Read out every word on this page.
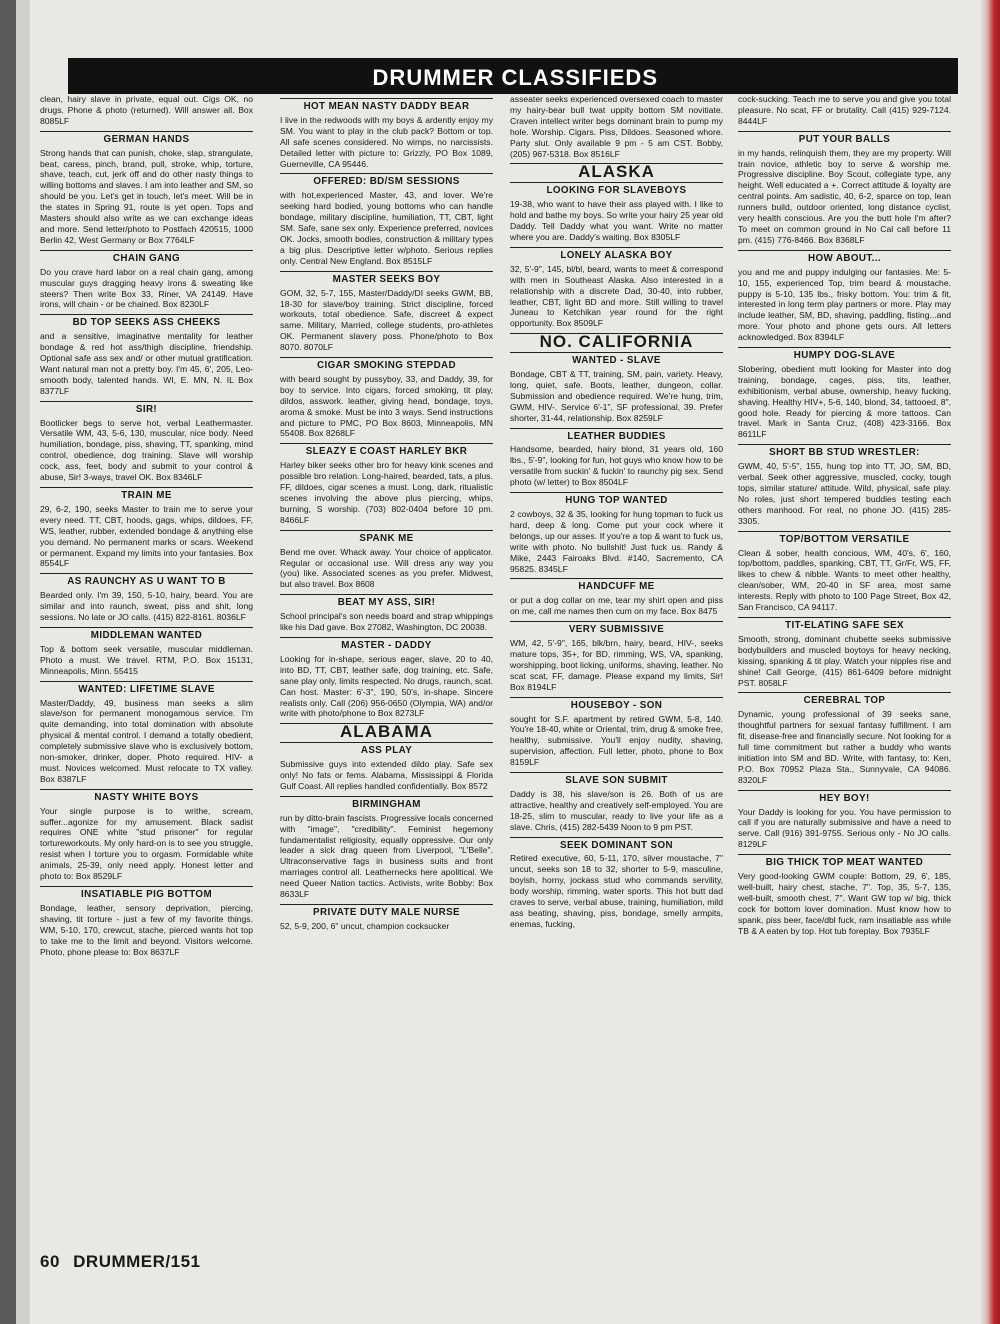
DRUMMER CLASSIFIEDS

clean, hairy slave in private, equal out. Cigs OK, no drugs. Phone & photo (returned). Will answer all. Box 8085LF

GERMAN HANDS

Strong hands that can punish, choke, slap, strangulate, beat, caress, pinch, brand, pull, stroke, whip, torture, shave, teach, cut, jerk off and do other nasty things to willing bottoms and slaves. I am into leather and SM, so should be you. Let's get in touch, let's meet. Will be in the states in Spring 91, route is yet open. Tops and Masters should also write as we can exchange ideas and more. Send letter/photo to Postfach 420515, 1000 Berlin 42, West Germany or Box 7764LF

CHAIN GANG

Do you crave hard labor on a real chain gang, among muscular guys dragging heavy irons & sweating like steers? Then write Box 33, Riner, VA 24149. Have irons, will chain - or be chained. Box 8230LF

BD TOP SEEKS ASS CHEEKS

and a sensitive, imaginative mentality for leather bondage & red hot ass/thigh discipline, friendship. Optional safe ass sex and/ or other mutual gratification. Want natural man not a pretty boy. I'm 45, 6', 205, Leo-smooth body, talented hands. WI, E. MN, N. IL Box 8377LF

SIR!

Bootlicker begs to serve hot, verbal Leathermaster. Versatile WM, 43, 5-6, 130, muscular, nice body. Need humiliation, bondage, piss, shaving, TT, spanking, mind control, obedience, dog training. Slave will worship cock, ass, feet, body and submit to your control & abuse, Sir! 3-ways, travel OK. Box 8346LF

TRAIN ME

29, 6-2, 190, seeks Master to train me to serve your every need. TT, CBT, hoods, gags, whips, dildoes, FF, WS, leather, rubber, extended bondage & anything else you demand. No permanent marks or scars. Weekend or permanent. Expand my limits into your fantasies. Box 8554LF

AS RAUNCHY AS U WANT TO B

Bearded only. I'm 39, 150, 5-10, hairy, beard. You are similar and into raunch, sweat, piss and shit, long sessions. No late or JO calls. (415) 822-8161. 8036LF

MIDDLEMAN WANTED

Top & bottom seek versatile, muscular middleman. Photo a must. We travel. RTM, P.O. Box 15131, Minneapolis, Minn. 55415

WANTED: LIFETIME SLAVE

Master/Daddy, 49, business man seeks a slim slave/son for permanent monogamous service. I'm quite demanding, into total domination with absolute physical & mental control. I demand a totally obedient, completely submissive slave who is exclusively bottom, non-smoker, drinker, doper. Photo required. HIV- a must. Novices welcomed. Must relocate to TX valley. Box 8387LF

NASTY WHITE BOYS

Your single purpose is to writhe, scream, suffer...agonize for my amusement. Black sadist requires ONE white "stud prisoner" for regular tortureworkouts. My only hard-on is to see you struggle, resist when I torture you to orgasm. Formidable white animals, 25-39, only need apply. Honest letter and photo to: Box 8529LF

INSATIABLE PIG BOTTOM

Bondage, leather, sensory deprivation, piercing, shaving, tit torture - just a few of my favorite things. WM, 5-10, 170, crewcut, stache, pierced wants hot top to take me to the limit and beyond. Visitors welcome. Photo, phone please to: Box 8637LF

HOT MEAN NASTY DADDY BEAR

I live in the redwoods with my boys & ardently enjoy my SM. You want to play in the club pack? Bottom or top. All safe scenes considered. No wimps, no narcissists. Detailed letter with picture to: Grizzly, PO Box 1089, Guerneville, CA 95446.

OFFERED: BD/SM SESSIONS

with hot,experienced Master, 43, and lover. We're seeking hard bodied, young bottoms who can handle bondage, military discipline, humiliation, TT, CBT, light SM. Safe, sane sex only. Experience preferred, novices OK. Jocks, smooth bodies, construction & military types a big plus. Descriptive letter w/photo. Serious replies only. Central New England. Box 8515LF

MASTER SEEKS BOY

GOM, 32, 5-7, 155, Master/Daddy/DI seeks GWM, BB, 18-30 for slave/boy training. Strict discipline, forced workouts, total obedience. Safe, discreet & expect same. Military, Married, college students, pro-athletes OK. Permanent slavery poss. Phone/photo to Box 8070. 8070LF

CIGAR SMOKING STEPDAD

with beard sought by pussyboy, 33, and Daddy, 39, for boy to service. Into cigars, forced smoking, tit play, dildos, asswork. leather, giving head, bondage, toys, aroma & smoke. Must be into 3 ways. Send instructions and picture to PMC, PO Box 8603, Minneapolis, MN 55408. Box 8268LF

SLEAZY E COAST HARLEY BKR

Harley biker seeks other bro for heavy kink scenes and possible bro relation. Long-haired, bearded, tats, a plus. FF, dildoes, cigar scenes a must. Long, dark, ritualistic scenes involving the above plus piercing, whips, burning, S worship. (703) 802-0404 before 10 pm. 8466LF

SPANK ME

Bend me over. Whack away. Your choice of applicator. Regular or occasional use. Will dress any way you (you) like. Associated scenes as you prefer. Midwest, but also travel. Box 8608

BEAT MY ASS, SIR!

School principal's son needs board and strap whippings like his Dad gave. Box 27082, Washington, DC 20038.

MASTER - DADDY

Looking for in-shape, serious eager, slave, 20 to 40, into BD, TT, CBT, leather safe, dog training, etc. Safe, sane play only, limits respected. No drugs, raunch, scat. Can host. Master: 6'-3", 190, 50's, in-shape. Sincere realists only. Call (206) 956-0650 (Olympia, WA) and/or write with photo/phone to Box 8273LF

ALABAMA
ASS PLAY

Submissive guys into extended dildo play. Safe sex only! No fats or fems. Alabama, Mississippi & Florida Gulf Coast. All replies handled confidentially. Box 8572

BIRMINGHAM

run by ditto-brain fascists. Progressive locals concerned with "image", "credibility". Feminist hegemony fundamentalist religiosity, equally oppressive. Our only leader a sick drag queen from Liverpool, "L'Belle". Ultraconservative fags in business suits and front marriages control all. Leathernecks here apolitical. We need Queer Nation tactics. Activists, write Bobby: Box 8633LF

PRIVATE DUTY MALE NURSE

52, 5-9, 200, 6" uncut, champion cocksucker

asseater seeks experienced oversexed coach to master my hairy-bear bull twat uppity bottom SM novitiate. Craven intellect writer begs dominant brain to pump my hole. Worship. Cigars. Piss, Dildoes. Seasoned whore. Party slut. Only available 9 pm - 5 am CST. Bobby, (205) 967-5318. Box 8516LF

ALASKA
LOOKING FOR SLAVEBOYS

19-38, who want to have their ass played with. I like to hold and bathe my boys. So write your hairy 25 year old Daddy. Tell Daddy what you want. Write no matter where you are. Daddy's waiting. Box 8305LF

LONELY ALASKA BOY

32, 5'-9", 145, bl/bl, beard, wants to meet & correspond with men in Southeast Alaska. Also interested in a relationship with a discrete Dad, 30-40, into rubber, leather, CBT, light BD and more. Still willing to travel Juneau to Ketchikan year round for the right opportunity. Box 8509LF

NO. CALIFORNIA
WANTED - SLAVE

Bondage, CBT & TT, training, SM, pain, variety. Heavy, long, quiet, safe. Boots, leather, dungeon, collar. Submission and obedience required. We're hung, trim, GWM, HIV-. Service 6'-1", SF professional, 39. Prefer shorter, 31-44, relationship. Box 8259LF

LEATHER BUDDIES

Handsome, bearded, hairy blond, 31 years old, 160 lbs., 5'-9", looking for fun, hot guys who know how to be versatile from suckin' & fuckin' to raunchy pig sex. Send photo (w/ letter) to Box 8504LF

HUNG TOP WANTED

2 cowboys, 32 & 35, looking for hung topman to fuck us hard, deep & long. Come put your cock where it belongs, up our asses. If you're a top & want to fuck us, write with photo. No bullshit! Just fuck us. Randy & Mike, 2443 Fairoaks Blvd. #140, Sacremento, CA 95825. 8345LF

HANDCUFF ME

or put a dog collar on me, tear my shirt open and piss on me, call me names then cum on my face. Box 8475

VERY SUBMISSIVE

WM, 42, 5'-9", 165, blk/brn, hairy, beard, HIV-, seeks mature tops, 35+, for BD, rimming, WS, VA, spanking, worshipping, boot licking, uniforms, shaving, leather. No scat scat, FF, damage. Please expand my limits, Sir! Box 8194LF

HOUSEBOY - SON

sought for S.F. apartment by retired GWM, 5-8, 140. You're 18-40, white or Oriental, trim, drug & smoke free, healthy, submissive. You'll enjoy nudity, shaving, supervision, affection. Full letter, photo, phone to Box 8159LF

SLAVE SON SUBMIT

Daddy is 38, his slave/son is 26. Both of us are attractive, healthy and creatively self-employed. You are 18-25, slim to muscular, ready to live your life as a slave. Chris, (415) 282-5439 Noon to 9 pm PST.

SEEK DOMINANT SON

Retired executive, 60, 5-11, 170, silver moustache, 7" uncut, seeks son 18 to 32, shorter to 5-9, masculine, boyish, horny, jockass stud who commands servility, body worship, rimming, water sports. This hot butt dad craves to serve, verbal abuse, training, humiliation, mild ass beating, shaving, piss, bondage, smelly armpits, enemas, fucking,

cock-sucking. Teach me to serve you and give you total pleasure. No scat, FF or brutality. Call (415) 929-7124. 8444LF

PUT YOUR BALLS

in my hands, relinquish them, they are my property. Will train novice, athletic boy to serve & worship me. Progressive discipline. Boy Scout, collegiate type, any height. Well educated a +. Correct attitude & loyalty are central points. Am sadistic, 40, 6-2, sparce on top, lean runners build, outdoor oriented, long distance cyclist, very health conscious. Are you the butt hole I'm after? To meet on common ground in No Cal call before 11 pm. (415) 776-8466. Box 8368LF

HOW ABOUT...

you and me and puppy indulging our fantasies. Me: 5-10, 155, experienced Top, trim beard & moustache. puppy is 5-10, 135 lbs., frisky bottom. You: trim & fit, interested in long term play partners or more. Play may include leather, SM, BD, shaving, paddling, fisting...and more. Your photo and phone gets ours. All letters acknowledged. Box 8394LF

HUMPY DOG-SLAVE

Slobering, obedient mutt looking for Master into dog training, bondage, cages, piss, tits, leather, exhibitionism, verbal abuse, ownership, heavy fucking, shaving. Healthy HIV+, 5-6, 140, blond, 34, tattooed, 8", good hole. Ready for piercing & more tattoos. Can travel. Mark in Santa Cruz, (408) 423-3166. Box 8611LF

SHORT BB STUD WRESTLER:

GWM, 40, 5'-5", 155, hung top into TT, JO, SM, BD, verbal. Seek other aggressive, muscled, cocky, tough tops, similar stature/ attitude. Wild, physical, safe play. No roles, just short tempered buddies testing each others manhood. For real, no phone JO. (415) 285-3305.

TOP/BOTTOM VERSATILE

Clean & sober, health concious, WM, 40's, 6', 160, top/bottom, paddles, spanking, CBT, TT, Gr/Fr, WS, FF, likes to chew & nibble. Wants to meet other healthy, clean/sober, WM, 20-40 in SF area, most same interests. Reply with photo to 100 Page Street, Box 42, San Francisco, CA 94117.

TIT-ELATING SAFE SEX

Smooth, strong, dominant chubette seeks submissive bodybuilders and muscled boytoys for heavy necking, kissing, spanking & tit play. Watch your nipples rise and shine! Call George, (415) 861-6409 before midnight PST. 8058LF

CEREBRAL TOP

Dynamic, young professional of 39 seeks sane, thoughtful partners for sexual fantasy fulfillment. I am fit, disease-free and financially secure. Not looking for a full time commitment but rather a buddy who wants initiation into SM and BD. Write, with fantasy, to: Ken, P.O. Box 70952 Plaza Sta., Sunnyvale, CA 94086. 8320LF

HEY BOY!

Your Daddy is looking for you. You have permission to call if you are naturally submissive and have a need to serve. Call (916) 391-9755. Serious only - No JO calls. 8129LF

BIG THICK TOP MEAT WANTED

Very good-looking GWM couple: Bottom, 29, 6', 185, well-built, hairy chest, stache, 7". Top, 35, 5-7, 135, well-built, smooth chest, 7". Want GW top w/ big, thick cock for bottom lover domination. Must know how to spank, piss beer, face/dbl fuck, ram insatiable ass while TB & A eaten by top. Hot tub foreplay. Box 7935LF

60 DRUMMER/151
